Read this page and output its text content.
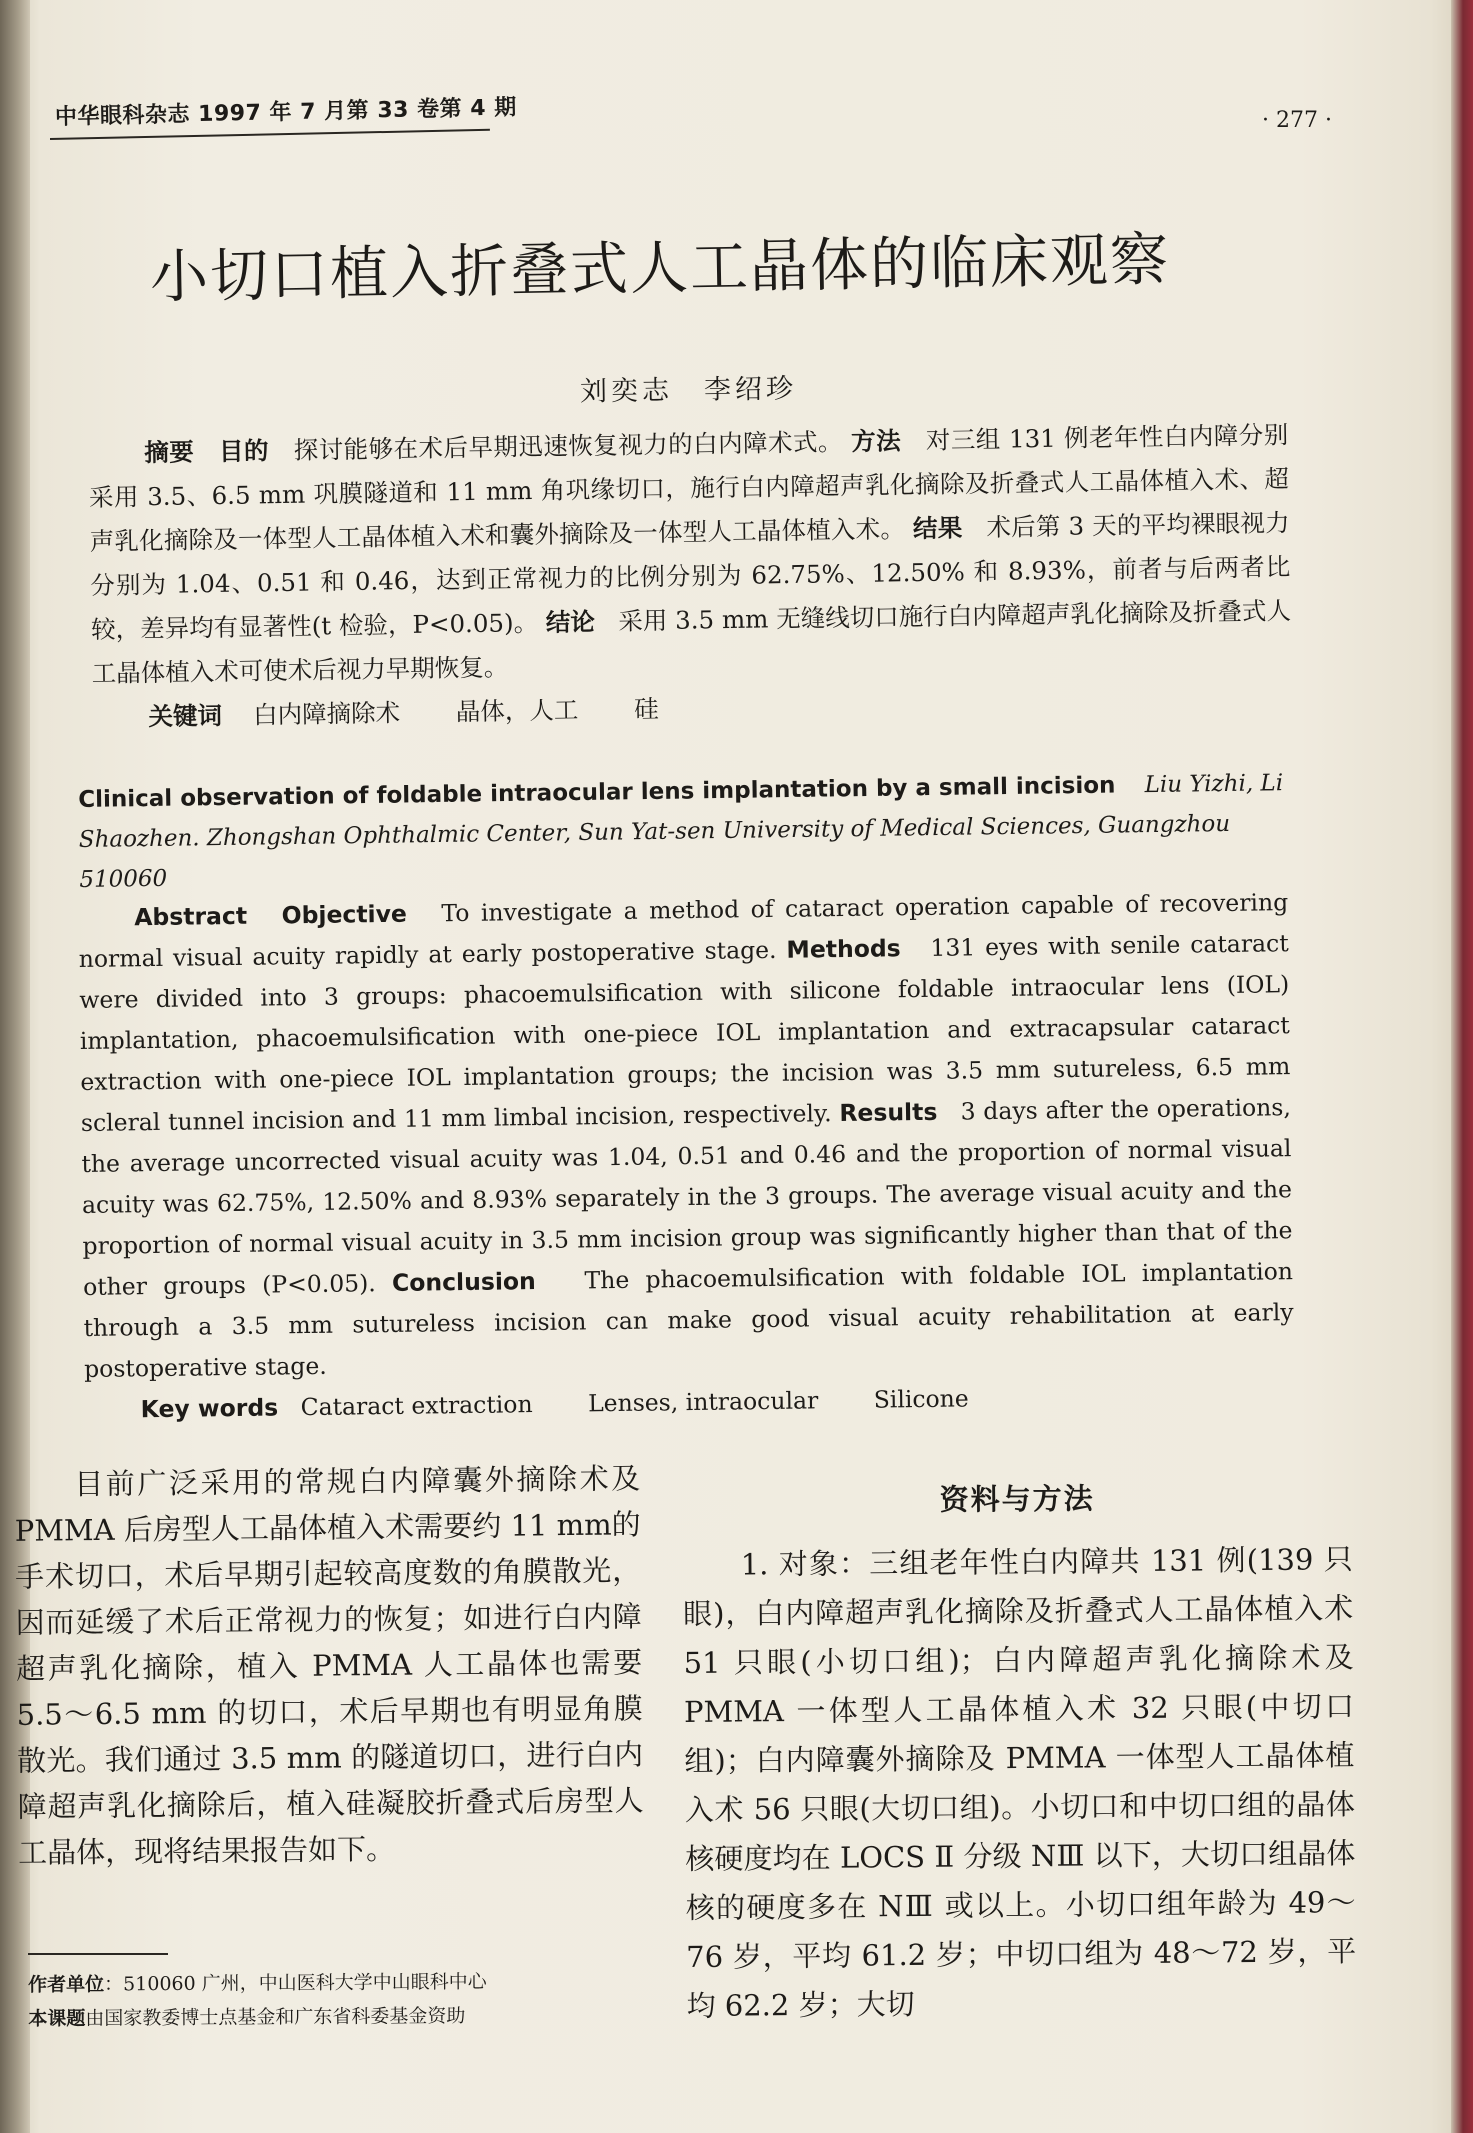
中华眼科杂志 1997 年 7 月第 33 卷第 4 期	· 277 ·
小切口植入折叠式人工晶体的临床观察
刘奕志　李绍珍

摘要 目的 探讨能够在术后早期迅速恢复视力的白内障术式。 方法 对三组 131 例老年性白内障分别采用 3.5、6.5 mm 巩膜隧道和 11 mm 角巩缘切口，施行白内障超声乳化摘除及折叠式人工晶体植入术、超声乳化摘除及一体型人工晶体植入术和囊外摘除及一体型人工晶体植入术。 结果 术后第 3 天的平均裸眼视力分别为 1.04、0.51 和 0.46，达到正常视力的比例分别为 62.75%、12.50% 和 8.93%，前者与后两者比较，差异均有显著性(t 检验，P<0.05)。 结论 采用 3.5 mm 无缝线切口施行白内障超声乳化摘除及折叠式人工晶体植入术可使术后视力早期恢复。

关键词 白内障摘除术 晶体，人工 硅

Clinical observation of foldable intraocular lens implantation by a small incision Liu Yizhi, Li Shaozhen. Zhongshan Ophthalmic Center, Sun Yat-sen University of Medical Sciences, Guangzhou 510060

Abstract Objective To investigate a method of cataract operation capable of recovering normal visual acuity rapidly at early postoperative stage. Methods 131 eyes with senile cataract were divided into 3 groups: phacoemulsification with silicone foldable intraocular lens (IOL) implantation, phacoemulsification with one-piece IOL implantation and extracapsular cataract extraction with one-piece IOL implantation groups; the incision was 3.5 mm sutureless, 6.5 mm scleral tunnel incision and 11 mm limbal incision, respectively. Results 3 days after the operations, the average uncorrected visual acuity was 1.04, 0.51 and 0.46 and the proportion of normal visual acuity was 62.75%, 12.50% and 8.93% separately in the 3 groups. The average visual acuity and the proportion of normal visual acuity in 3.5 mm incision group was significantly higher than that of the other groups (P<0.05). Conclusion The phacoemulsification with foldable IOL implantation through a 3.5 mm sutureless incision can make good visual acuity rehabilitation at early postoperative stage.

Key words Cataract extraction Lenses, intraocular Silicone

目前广泛采用的常规白内障囊外摘除术及PMMA 后房型人工晶体植入术需要约 11 mm的手术切口，术后早期引起较高度数的角膜散光，因而延缓了术后正常视力的恢复；如进行白内障超声乳化摘除，植入 PMMA 人工晶体也需要 5.5～6.5 mm 的切口，术后早期也有明显角膜散光。我们通过 3.5 mm 的隧道切口，进行白内障超声乳化摘除后，植入硅凝胶折叠式后房型人工晶体，现将结果报告如下。

资料与方法

1. 对象：三组老年性白内障共 131 例(139 只眼)，白内障超声乳化摘除及折叠式人工晶体植入术 51 只眼(小切口组)；白内障超声乳化摘除术及 PMMA 一体型人工晶体植入术 32 只眼(中切口组)；白内障囊外摘除及 PMMA 一体型人工晶体植入术 56 只眼(大切口组)。小切口和中切口组的晶体核硬度均在 LOCS Ⅱ 分级 NⅢ 以下，大切口组晶体核的硬度多在 NⅢ 或以上。小切口组年龄为 49～76 岁，平均 61.2 岁；中切口组为 48～72 岁，平均 62.2 岁；大切

作者单位：510060 广州，中山医科大学中山眼科中心

本课题由国家教委博士点基金和广东省科委基金资助
